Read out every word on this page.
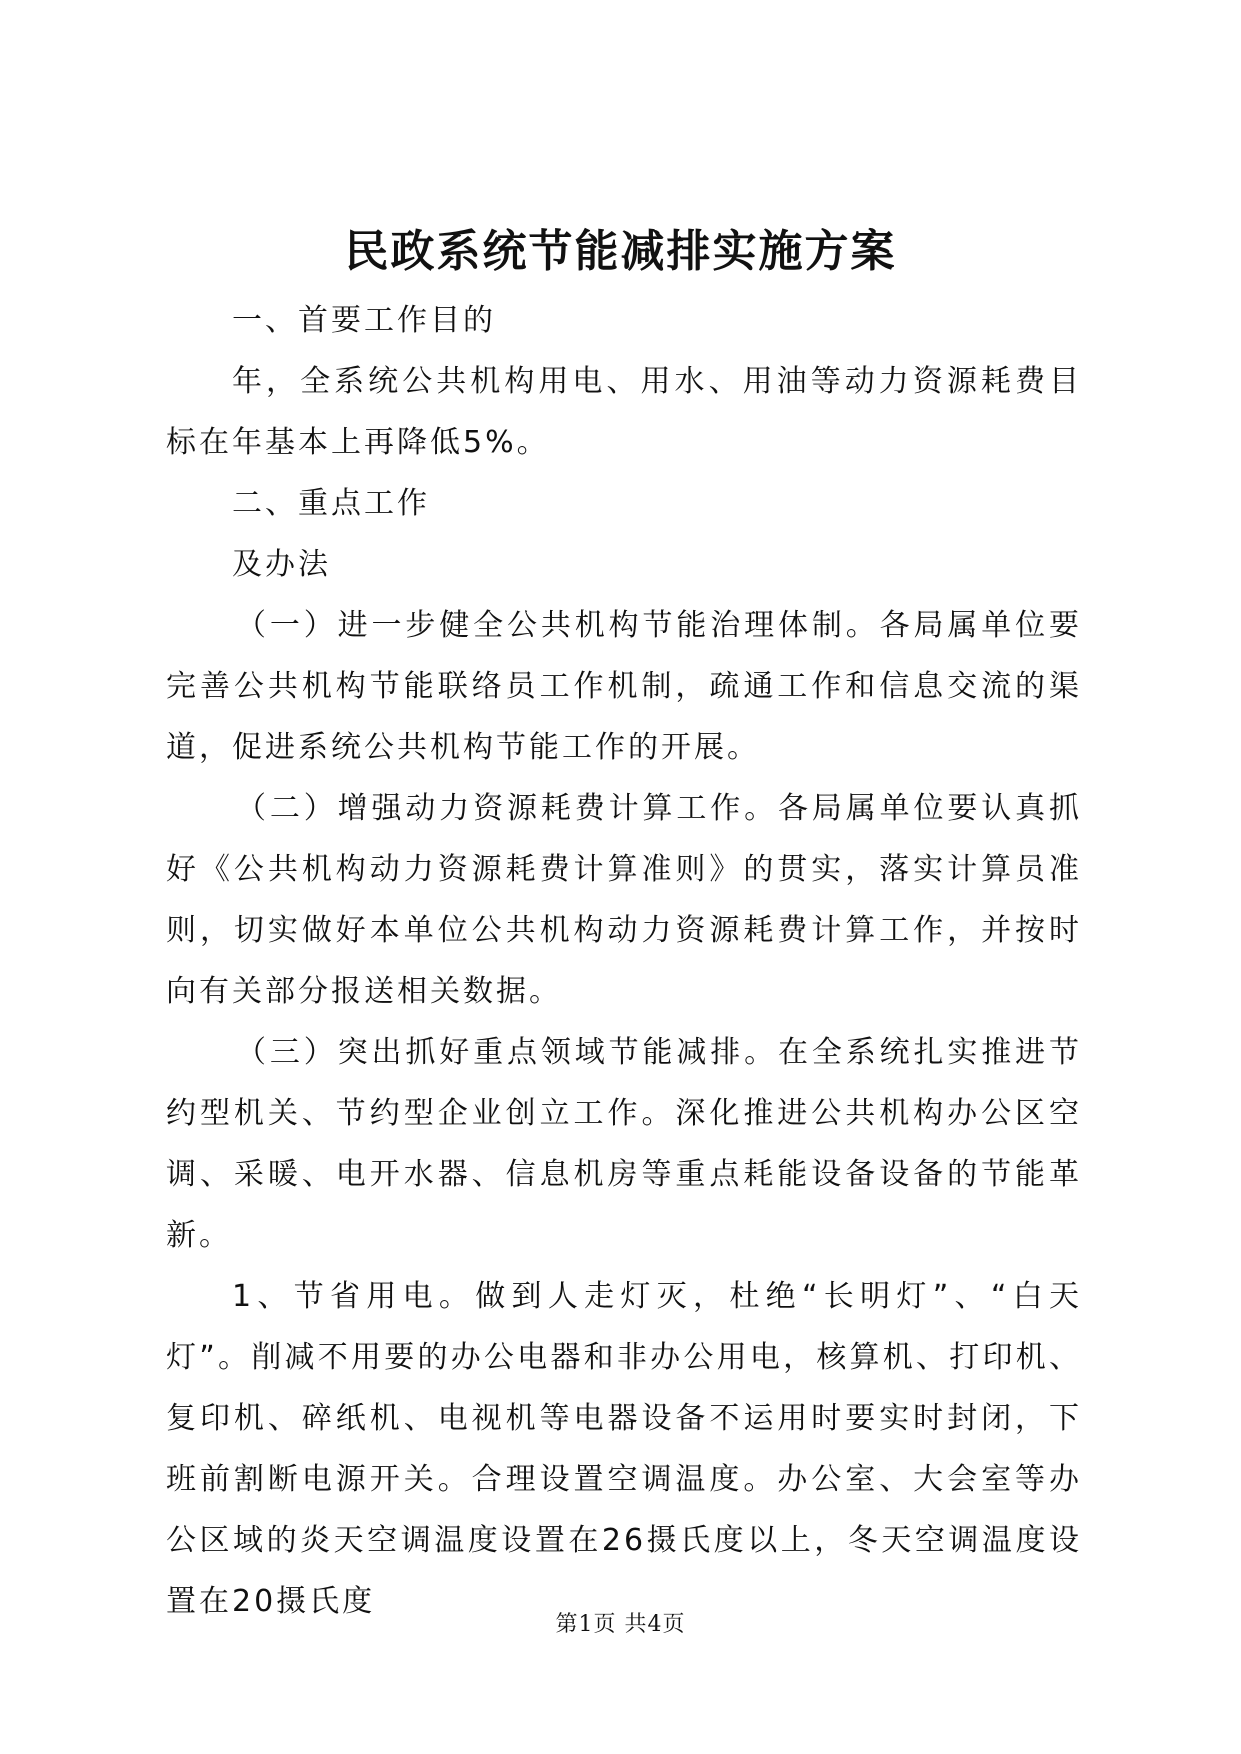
民政系统节能减排实施方案

一、首要工作目的

年，全系统公共机构用电、用水、用油等动力资源耗费目标在年基本上再降低5%。

二、重点工作

及办法

（一）进一步健全公共机构节能治理体制。各局属单位要完善公共机构节能联络员工作机制，疏通工作和信息交流的渠道，促进系统公共机构节能工作的开展。

（二）增强动力资源耗费计算工作。各局属单位要认真抓好《公共机构动力资源耗费计算准则》的贯实，落实计算员准则，切实做好本单位公共机构动力资源耗费计算工作，并按时向有关部分报送相关数据。

（三）突出抓好重点领域节能减排。在全系统扎实推进节约型机关、节约型企业创立工作。深化推进公共机构办公区空调、采暖、电开水器、信息机房等重点耗能设备设备的节能革新。

1、节省用电。做到人走灯灭，杜绝“长明灯”、“白天灯”。削减不用要的办公电器和非办公用电，核算机、打印机、复印机、碎纸机、电视机等电器设备不运用时要实时封闭，下班前割断电源开关。合理设置空调温度。办公室、大会室等办公区域的炎天空调温度设置在26摄氏度以上，冬天空调温度设置在20摄氏度

第1页 共4页
